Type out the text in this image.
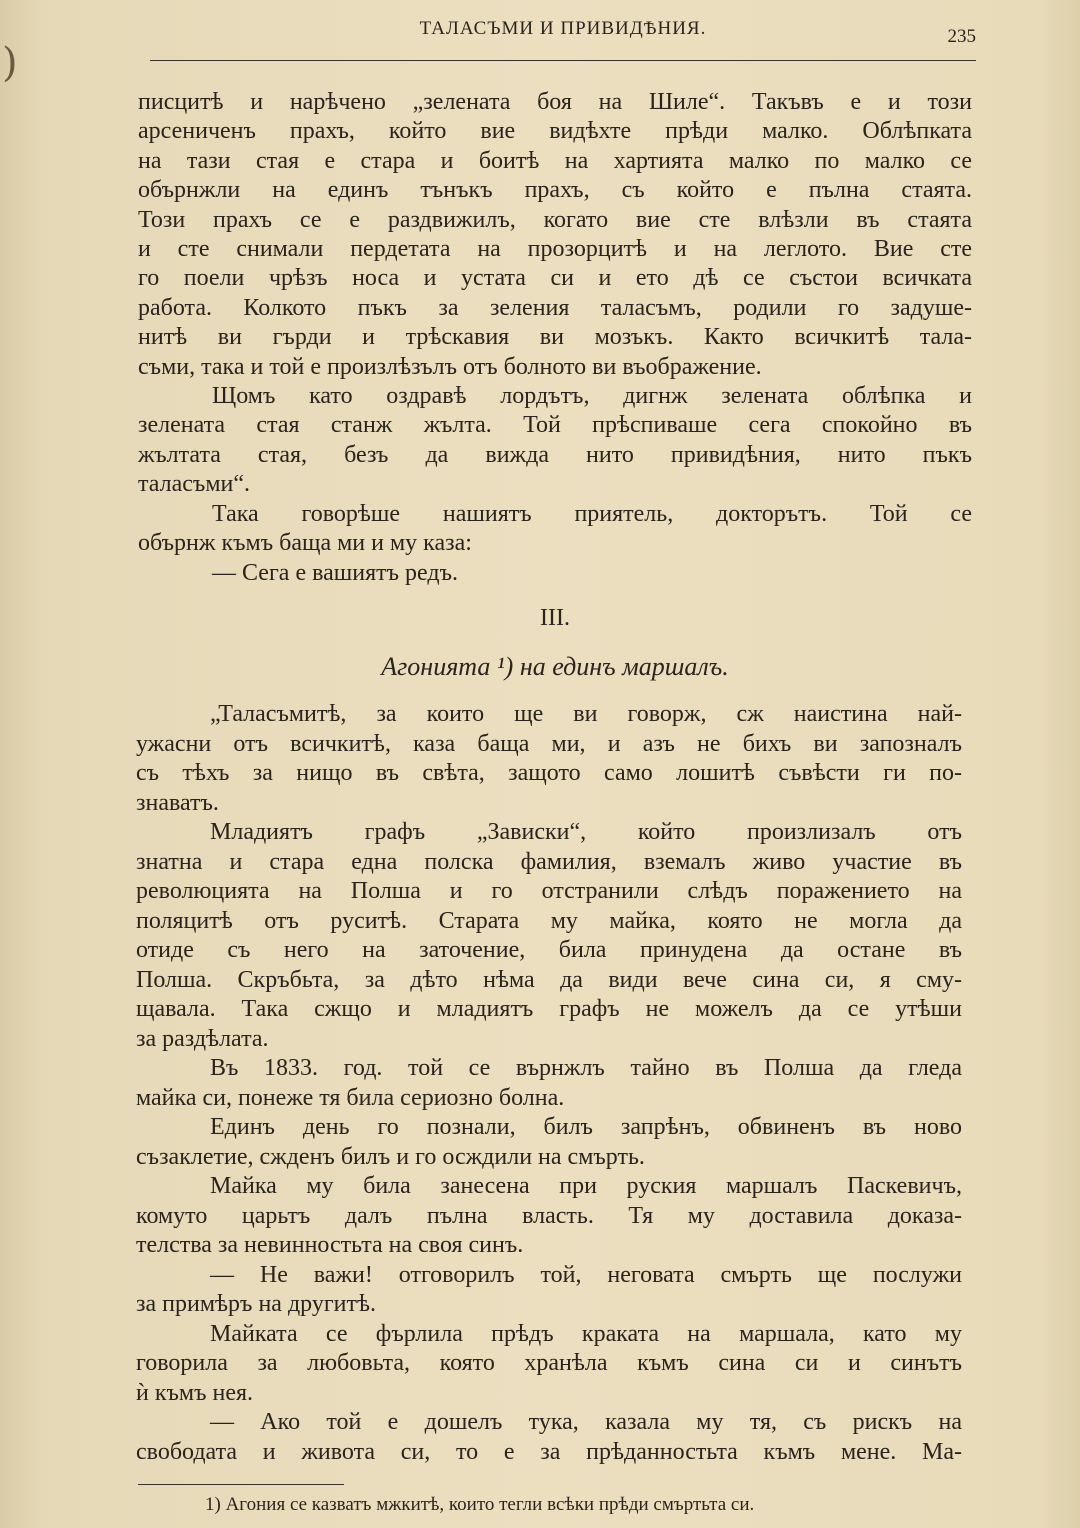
)
ТАЛАСЪМИ И ПРИВИДѢНИЯ.	235

писцитѣ и нарѣчено „зелената боя на Шиле“. Такъвъ е и този

арсениченъ прахъ, който вие видѣхте прѣди малко. Облѣпката

на тази стая е стара и боитѣ на хартията малко по малко се

обърнжли на единъ тънъкъ прахъ, съ който е пълна стаята.

Този прахъ се е раздвижилъ, когато вие сте влѣзли въ стаята

и сте снимали пердетата на прозорцитѣ и на леглото. Вие сте

го поели чрѣзъ носа и устата си и ето дѣ се състои всичката

работа. Колкото пъкъ за зеления таласъмъ, родили го задуше-

нитѣ ви гърди и трѣскавия ви мозъкъ. Както всичкитѣ тала-

съми, така и той е произлѣзълъ отъ болното ви въображение.

Щомъ като оздравѣ лордътъ, дигнж зелената облѣпка и

зелената стая станж жълта. Той прѣспиваше сега спокойно въ

жълтата стая, безъ да вижда нито привидѣния, нито пъкъ

таласъми“.

Така говорѣше нашиятъ приятель, докторътъ. Той се

обърнж къмъ баща ми и му каза:

— Сега е вашиятъ редъ.

III.
Агонията ¹) на единъ маршалъ.

„Таласъмитѣ, за които ще ви говорж, сж наистина най-

ужасни отъ всичкитѣ, каза баща ми, и азъ не бихъ ви запозналъ

съ тѣхъ за нищо въ свѣта, защото само лошитѣ съвѣсти ги по-

знаватъ.

Младиятъ графъ „Зависки“, който произлизалъ отъ

знатна и стара една полска фамилия, вземалъ живо участие въ

революцията на Полша и го отстранили слѣдъ поражението на

поляцитѣ отъ руситѣ. Старата му майка, която не могла да

отиде съ него на заточение, била принудена да остане въ

Полша. Скръбьта, за дѣто нѣма да види вече сина си, я сму-

щавала. Така сжщо и младиятъ графъ не можелъ да се утѣши

за раздѣлата.

Въ 1833. год. той се върнжлъ тайно въ Полша да гледа

майка си, понеже тя била сериозно болна.

Единъ день го познали, билъ запрѣнъ, обвиненъ въ ново

съзаклетие, сжденъ билъ и го осждили на смърть.

Майка му била занесена при руския маршалъ Паскевичъ,

комуто царьтъ далъ пълна власть. Тя му доставила доказа-

телства за невинностьта на своя синъ.

— Не важи! отговорилъ той, неговата смърть ще послужи

за примѣръ на другитѣ.

Майката се фърлила прѣдъ краката на маршала, като му

говорила за любовьта, която хранѣла къмъ сина си и синътъ

ѝ къмъ нея.

— Ако той е дошелъ тука, казала му тя, съ рискъ на

свободата и живота си, то е за прѣданностьта къмъ мене. Ма-

1) Агония се казватъ мжкитѣ, които тегли всѣки прѣди смъртьта си.
